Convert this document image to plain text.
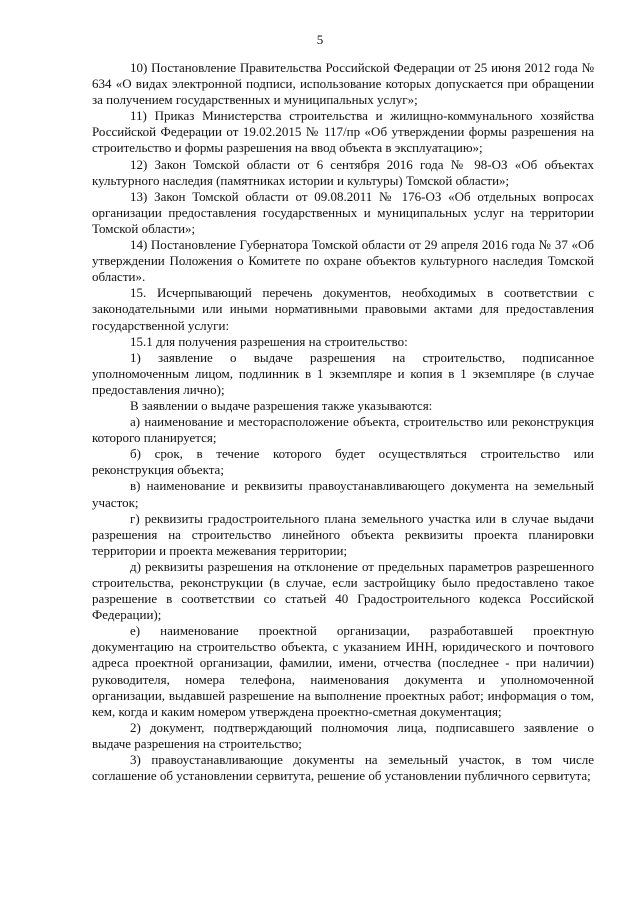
5

10) Постановление Правительства Российской Федерации от 25 июня 2012 года № 634 «О видах электронной подписи, использование которых допускается при обращении за получением государственных и муниципальных услуг»;

11) Приказ Министерства строительства и жилищно-коммунального хозяйства Российской Федерации от 19.02.2015 № 117/пр «Об утверждении формы разрешения на строительство и формы разрешения на ввод объекта в эксплуатацию»;

12) Закон Томской области от 6 сентября 2016 года № 98-ОЗ «Об объектах культурного наследия (памятниках истории и культуры) Томской области»;

13) Закон Томской области от 09.08.2011 № 176-ОЗ «Об отдельных вопросах организации предоставления государственных и муниципальных услуг на территории Томской области»;

14) Постановление Губернатора Томской области от 29 апреля 2016 года № 37 «Об утверждении Положения о Комитете по охране объектов культурного наследия Томской области».

15. Исчерпывающий перечень документов, необходимых в соответствии с законодательными или иными нормативными правовыми актами для предоставления государственной услуги:

15.1 для получения разрешения на строительство:

1) заявление о выдаче разрешения на строительство, подписанное уполномоченным лицом, подлинник в 1 экземпляре и копия в 1 экземпляре (в случае предоставления лично);

В заявлении о выдаче разрешения также указываются:

а) наименование и месторасположение объекта, строительство или реконструкция которого планируется;

б) срок, в течение которого будет осуществляться строительство или реконструкция объекта;

в) наименование и реквизиты правоустанавливающего документа на земельный участок;

г) реквизиты градостроительного плана земельного участка или в случае выдачи разрешения на строительство линейного объекта реквизиты проекта планировки территории и проекта межевания территории;

д) реквизиты разрешения на отклонение от предельных параметров разрешенного строительства, реконструкции (в случае, если застройщику было предоставлено такое разрешение в соответствии со статьей 40 Градостроительного кодекса Российской Федерации);

е) наименование проектной организации, разработавшей проектную документацию на строительство объекта, с указанием ИНН, юридического и почтового адреса проектной организации, фамилии, имени, отчества (последнее - при наличии) руководителя, номера телефона, наименования документа и уполномоченной организации, выдавшей разрешение на выполнение проектных работ; информация о том, кем, когда и каким номером утверждена проектно-сметная документация;

2) документ, подтверждающий полномочия лица, подписавшего заявление о выдаче разрешения на строительство;

3) правоустанавливающие документы на земельный участок, в том числе соглашение об установлении сервитута, решение об установлении публичного сервитута;
